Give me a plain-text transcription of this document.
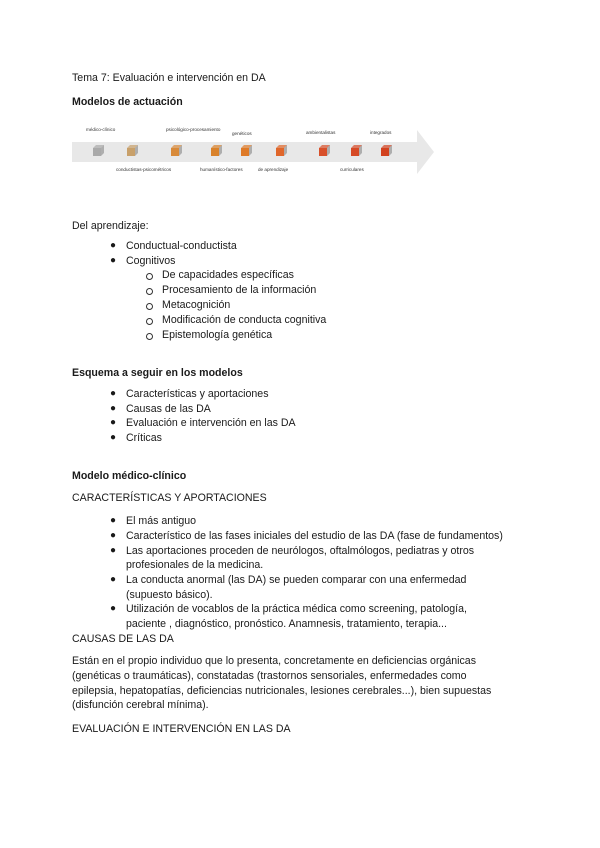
Tema 7: Evaluación e intervención en DA
Modelos de actuación
médico-clínico	psicológico-procesamiento
genéticos	ambientalistas	integrados
conductistas-psicométricos	humanístico-factores	de aprendizaje	curriculares
Del aprendizaje:
● Conductual-conductista
● Cognitivos
De capacidades específicas
Procesamiento de la información
Metacognición
Modificación de conducta cognitiva
Epistemología genética
Esquema a seguir en los modelos
● Características y aportaciones
● Causas de las DA
● Evaluación e intervención en las DA
● Críticas
Modelo médico-clínico
CARACTERÍSTICAS Y APORTACIONES
● El más antiguo
● Característico de las fases iniciales del estudio de las DA (fase de fundamentos)
● Las aportaciones proceden de neurólogos, oftalmólogos, pediatras y otros
profesionales de la medicina.
● La conducta anormal (las DA) se pueden comparar con una enfermedad
(supuesto básico).
● Utilización de vocablos de la práctica médica como screening, patología,
paciente , diagnóstico, pronóstico. Anamnesis, tratamiento, terapia...
CAUSAS DE LAS DA
Están en el propio individuo que lo presenta, concretamente en deficiencias orgánicas
(genéticas o traumáticas), constatadas (trastornos sensoriales, enfermedades como
epilepsia, hepatopatías, deficiencias nutricionales, lesiones cerebrales...), bien supuestas
(disfunción cerebral mínima).
EVALUACIÓN E INTERVENCIÓN EN LAS DA
